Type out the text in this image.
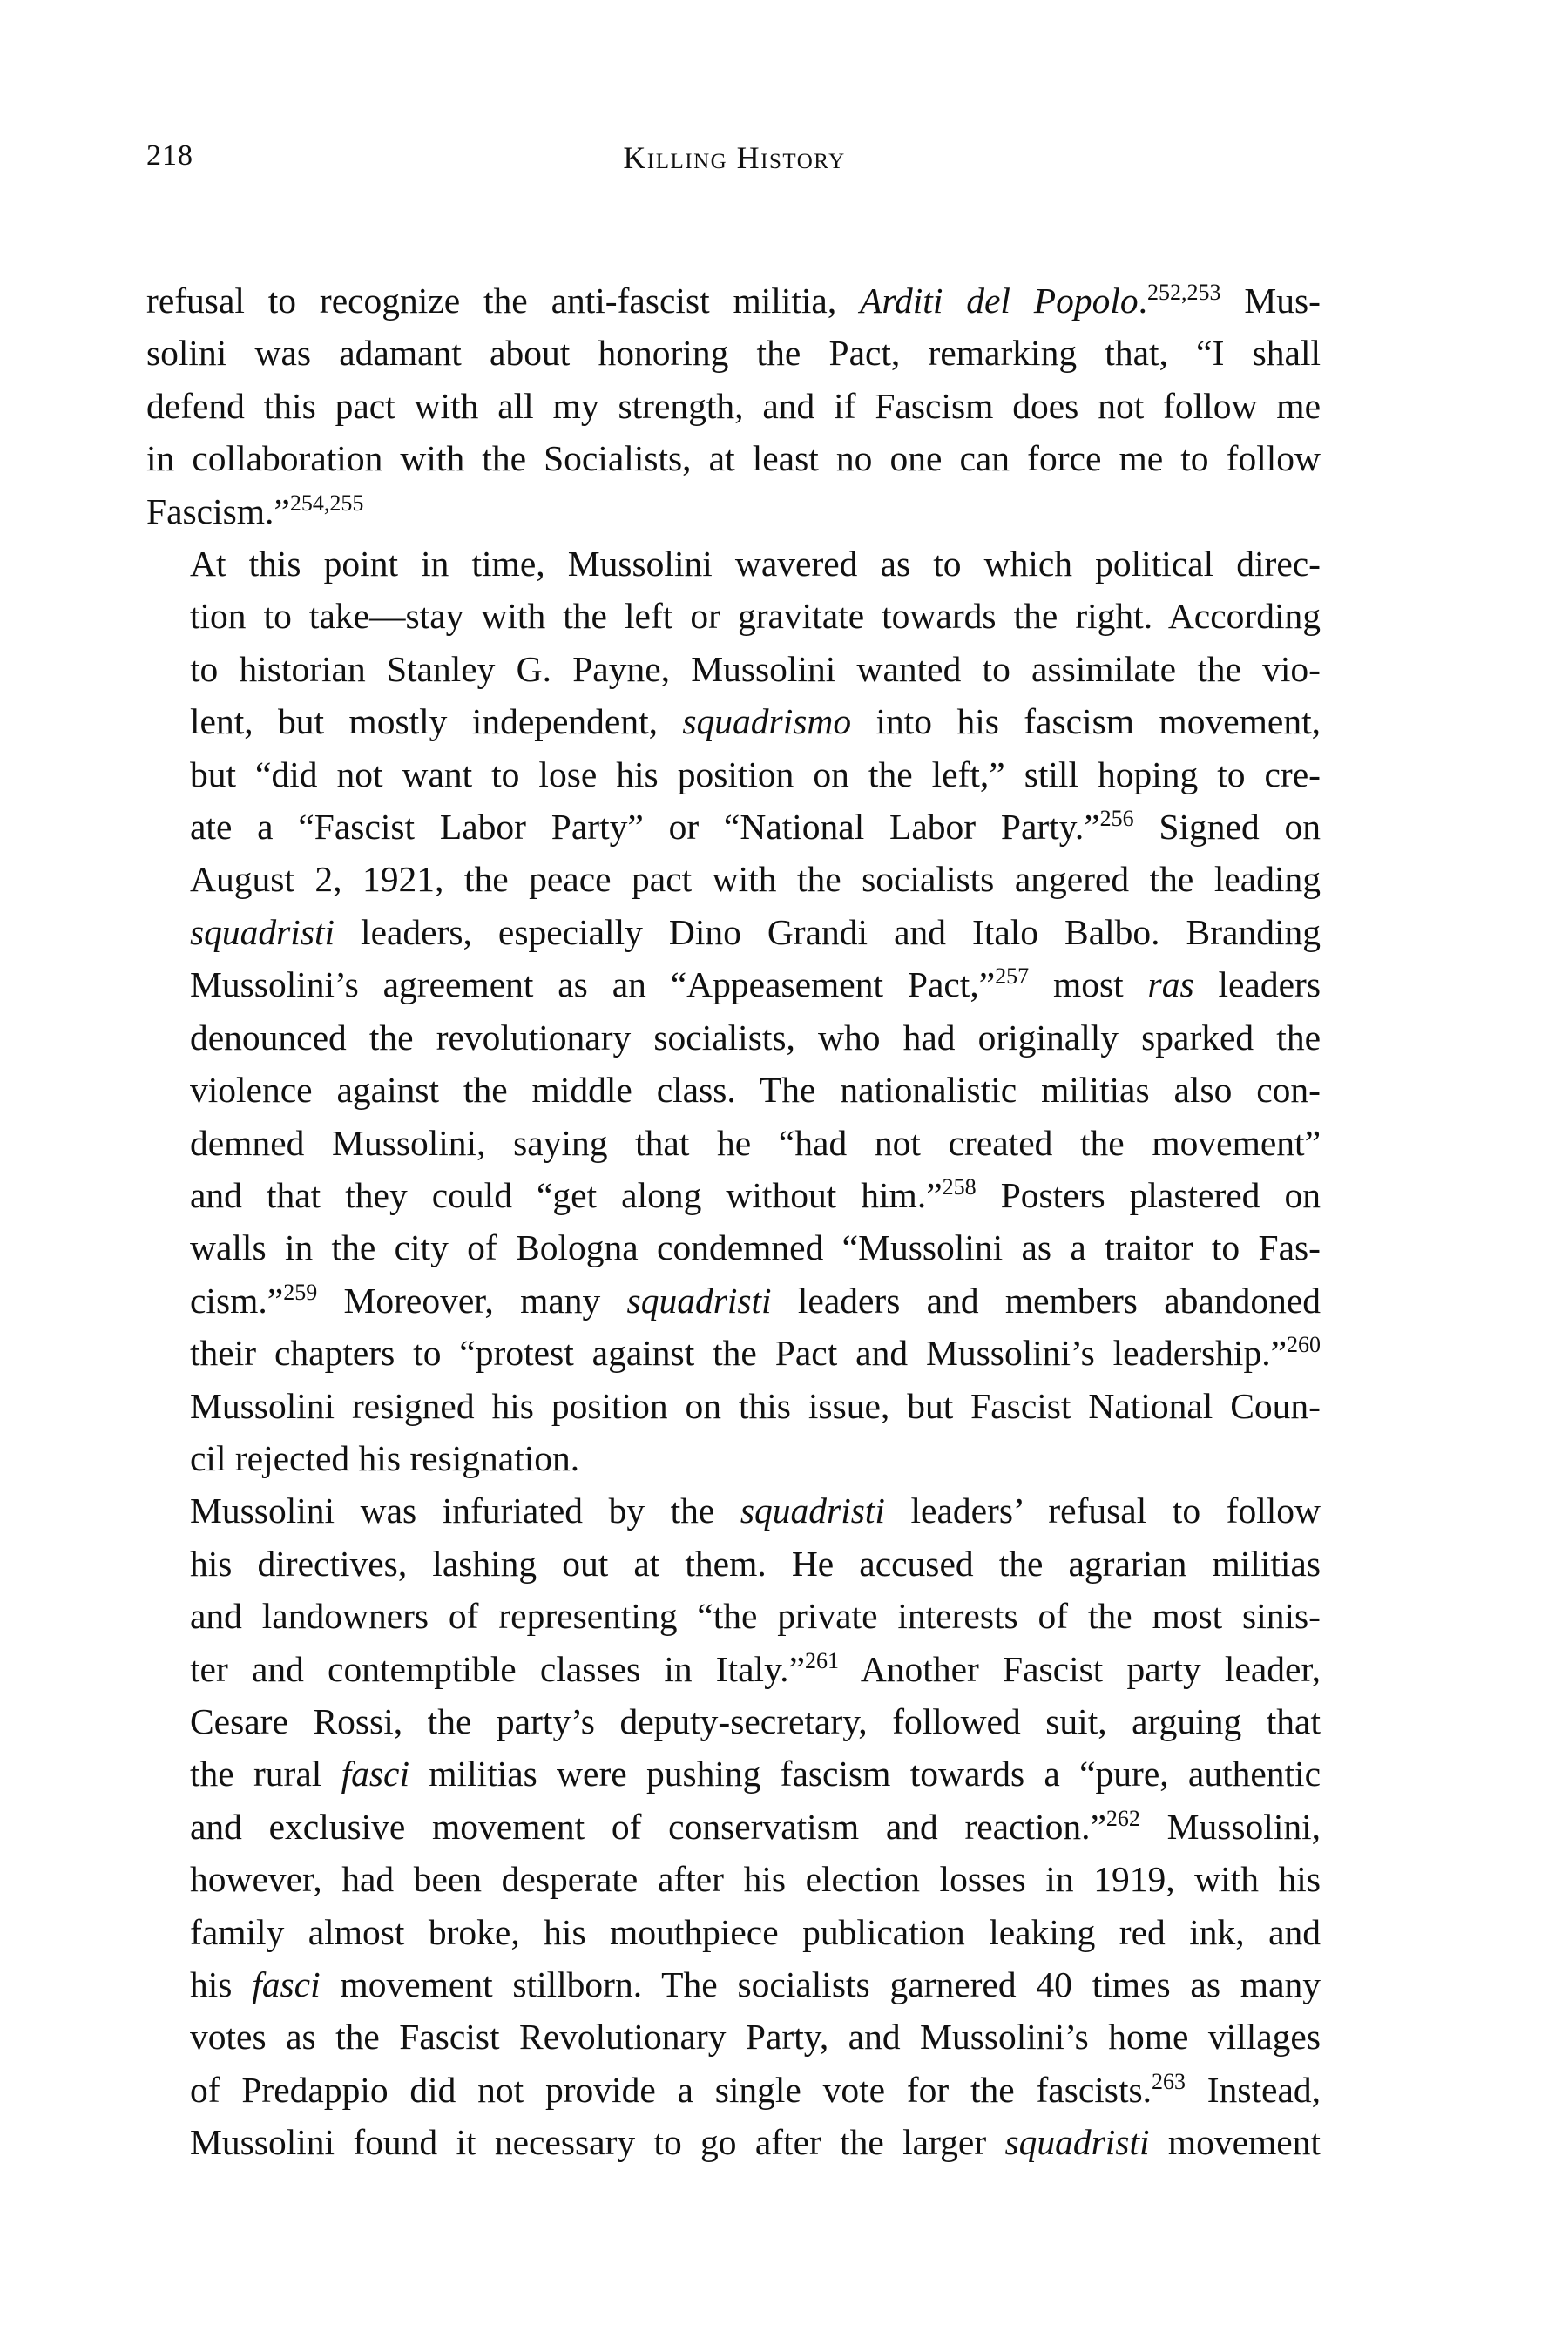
218	Killing History

refusal to recognize the anti-fascist militia, Arditi del Popolo.$^{252,253}$ Mus-
solini was adamant about honoring the Pact, remarking that, “I shall
defend this pact with all my strength, and if Fascism does not follow me
in collaboration with the Socialists, at least no one can force me to follow
Fascism.”$^{254,255}$

At this point in time, Mussolini wavered as to which political direc-
tion to take—stay with the left or gravitate towards the right. According
to historian Stanley G. Payne, Mussolini wanted to assimilate the vio-
lent, but mostly independent, squadrismo into his fascism movement,
but “did not want to lose his position on the left,” still hoping to cre-
ate a “Fascist Labor Party” or “National Labor Party.”$^{256}$ Signed on
August 2, 1921, the peace pact with the socialists angered the leading
squadristi leaders, especially Dino Grandi and Italo Balbo. Branding
Mussolini’s agreement as an “Appeasement Pact,”$^{257}$ most ras leaders
denounced the revolutionary socialists, who had originally sparked the
violence against the middle class. The nationalistic militias also con-
demned Mussolini, saying that he “had not created the movement”
and that they could “get along without him.”$^{258}$ Posters plastered on
walls in the city of Bologna condemned “Mussolini as a traitor to Fas-
cism.”$^{259}$ Moreover, many squadristi leaders and members abandoned
their chapters to “protest against the Pact and Mussolini’s leadership.”$^{260}$
Mussolini resigned his position on this issue, but Fascist National Coun-
cil rejected his resignation.

Mussolini was infuriated by the squadristi leaders’ refusal to follow
his directives, lashing out at them. He accused the agrarian militias
and landowners of representing “the private interests of the most sinis-
ter and contemptible classes in Italy.”$^{261}$ Another Fascist party leader,
Cesare Rossi, the party’s deputy-secretary, followed suit, arguing that
the rural fasci militias were pushing fascism towards a “pure, authentic
and exclusive movement of conservatism and reaction.”$^{262}$ Mussolini,
however, had been desperate after his election losses in 1919, with his
family almost broke, his mouthpiece publication leaking red ink, and
his fasci movement stillborn. The socialists garnered 40 times as many
votes as the Fascist Revolutionary Party, and Mussolini’s home villages
of Predappio did not provide a single vote for the fascists.$^{263}$ Instead,
Mussolini found it necessary to go after the larger squadristi movement
